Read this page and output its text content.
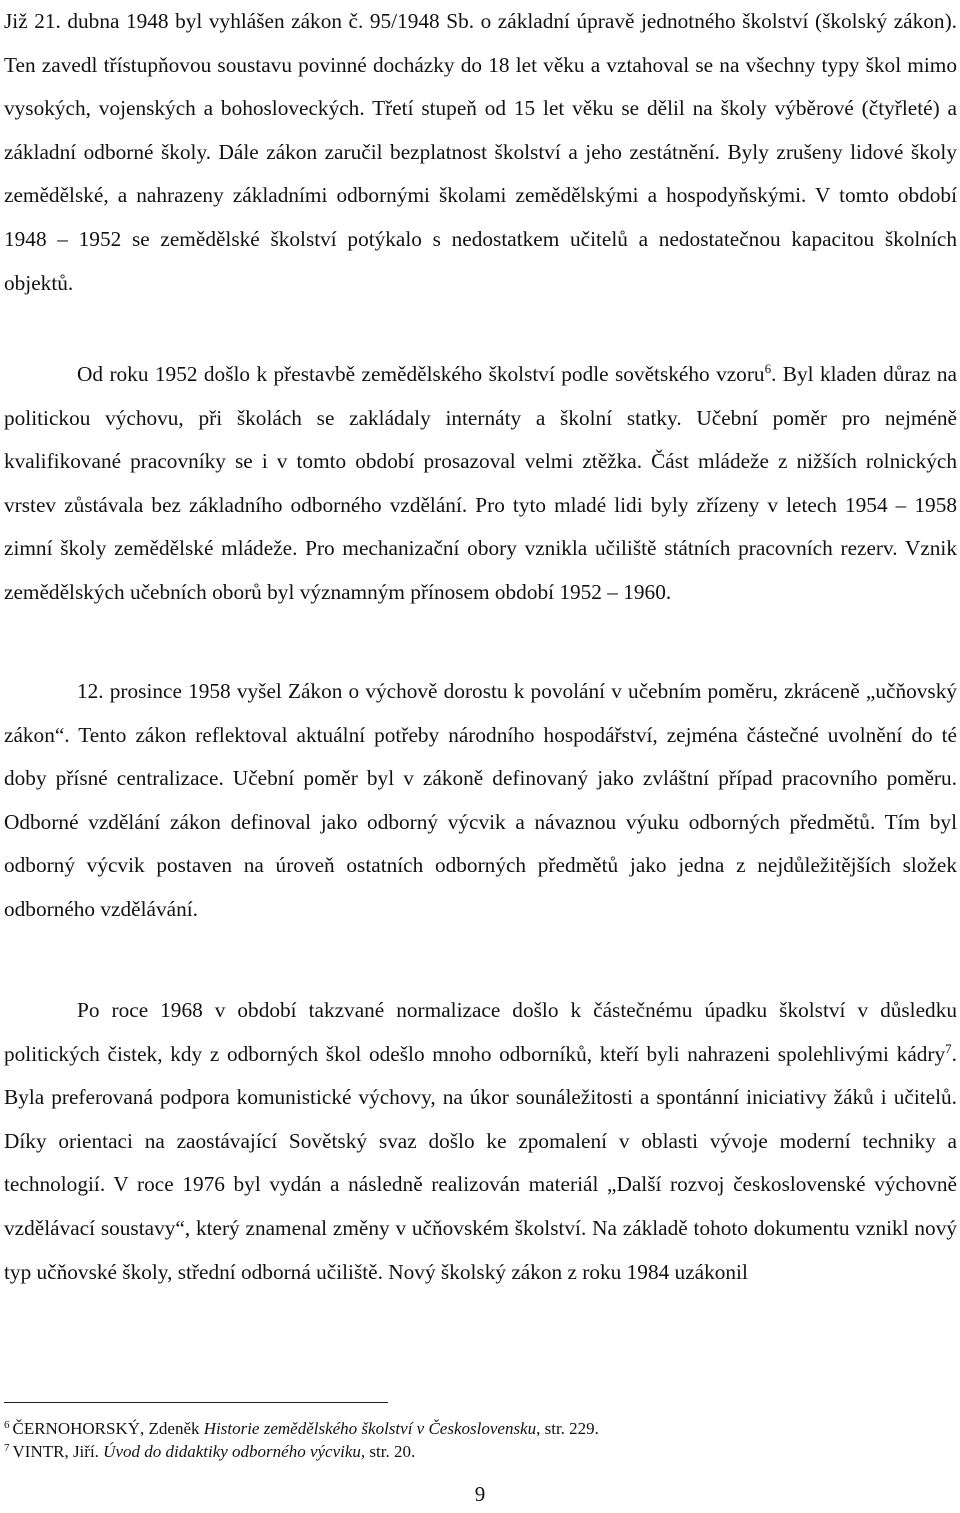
Již 21. dubna 1948 byl vyhlášen zákon č. 95/1948 Sb. o základní úpravě jednotného školství (školský zákon). Ten zavedl třístupňovou soustavu povinné docházky do 18 let věku a vztahoval se na všechny typy škol mimo vysokých, vojenských a bohosloveckých. Třetí stupeň od 15 let věku se dělil na školy výběrové (čtyřleté) a základní odborné školy. Dále zákon zaručil bezplatnost školství a jeho zestátnění. Byly zrušeny lidové školy zemědělské, a nahrazeny základními odbornými školami zemědělskými a hospodyňskými. V tomto období 1948 – 1952 se zemědělské školství potýkalo s nedostatkem učitelů a nedostatečnou kapacitou školních objektů.

Od roku 1952 došlo k přestavbě zemědělského školství podle sovětského vzoru$^6$. Byl kladen důraz na politickou výchovu, při školách se zakládaly internáty a školní statky. Učební poměr pro nejméně kvalifikované pracovníky se i v tomto období prosazoval velmi ztěžka. Část mládeže z nižších rolnických vrstev zůstávala bez základního odborného vzdělání. Pro tyto mladé lidi byly zřízeny v letech 1954 – 1958 zimní školy zemědělské mládeže. Pro mechanizační obory vznikla učiliště státních pracovních rezerv. Vznik zemědělských učebních oborů byl významným přínosem období 1952 – 1960.

12. prosince 1958 vyšel Zákon o výchově dorostu k povolání v učebním poměru, zkráceně „učňovský zákon“. Tento zákon reflektoval aktuální potřeby národního hospodářství, zejména částečné uvolnění do té doby přísné centralizace. Učební poměr byl v zákoně definovaný jako zvláštní případ pracovního poměru. Odborné vzdělání zákon definoval jako odborný výcvik a návaznou výuku odborných předmětů. Tím byl odborný výcvik postaven na úroveň ostatních odborných předmětů jako jedna z nejdůležitějších složek odborného vzdělávání.

Po roce 1968 v období takzvané normalizace došlo k částečnému úpadku školství v důsledku politických čistek, kdy z odborných škol odešlo mnoho odborníků, kteří byli nahrazeni spolehlivými kádry$^7$. Byla preferovaná podpora komunistické výchovy, na úkor sounáležitosti a spontánní iniciativy žáků i učitelů. Díky orientaci na zaostávající Sovětský svaz došlo ke zpomalení v oblasti vývoje moderní techniky a technologií. V roce 1976 byl vydán a následně realizován materiál „Další rozvoj československé výchovně vzdělávací soustavy“, který znamenal změny v učňovském školství. Na základě tohoto dokumentu vznikl nový typ učňovské školy, střední odborná učiliště. Nový školský zákon z roku 1984 uzákonil

$^6$ ČERNOHORSKÝ, Zdeněk Historie zemědělského školství v Československu, str. 229.
$^7$ VINTR, Jiří. Úvod do didaktiky odborného výcviku, str. 20.
9
